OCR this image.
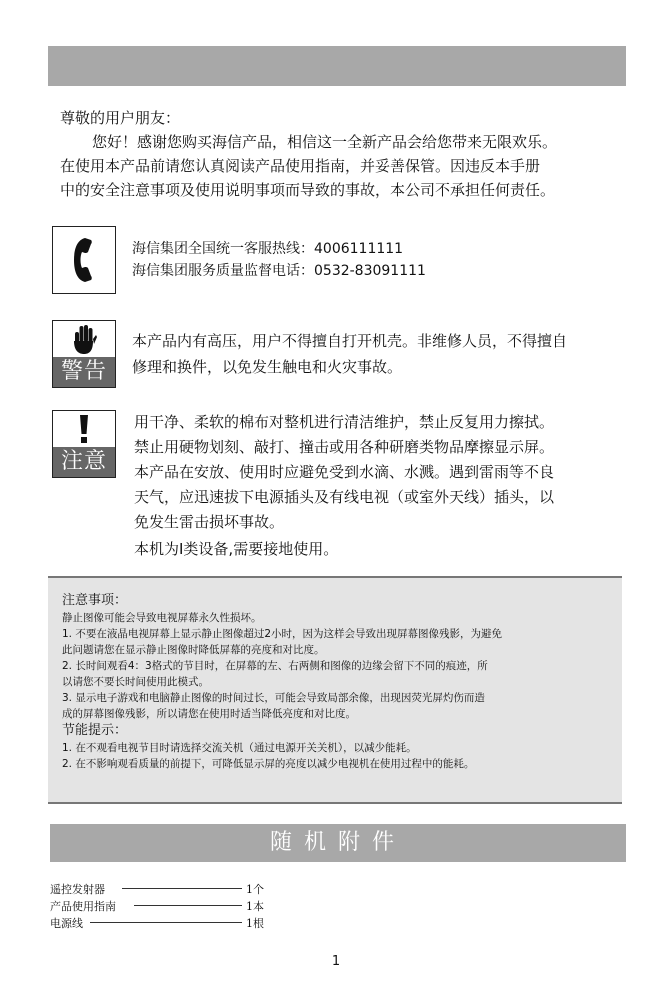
尊敬的用户朋友：
您好！感谢您购买海信产品，相信这一全新产品会给您带来无限欢乐。
在使用本产品前请您认真阅读产品使用指南，并妥善保管。因违反本手册
中的安全注意事项及使用说明事项而导致的事故，本公司不承担任何责任。
海信集团全国统一客服热线：4006111111
海信集团服务质量监督电话：0532-83091111
警告
本产品内有高压，用户不得擅自打开机壳。非维修人员，不得擅自
修理和换件，以免发生触电和火灾事故。
注意
用干净、柔软的棉布对整机进行清洁维护，禁止反复用力擦拭。
禁止用硬物划刻、敲打、撞击或用各种研磨类物品摩擦显示屏。
本产品在安放、使用时应避免受到水滴、水溅。遇到雷雨等不良
天气，应迅速拔下电源插头及有线电视（或室外天线）插头，以
免发生雷击损坏事故。
本机为Ⅰ类设备,需要接地使用。
注意事项：
静止图像可能会导致电视屏幕永久性损坏。
1. 不要在液晶电视屏幕上显示静止图像超过2小时，因为这样会导致出现屏幕图像残影，为避免
此问题请您在显示静止图像时降低屏幕的亮度和对比度。
2. 长时间观看4：3格式的节目时，在屏幕的左、右两侧和图像的边缘会留下不同的痕迹，所
以请您不要长时间使用此模式。
3. 显示电子游戏和电脑静止图像的时间过长，可能会导致局部余像，出现因荧光屏灼伤而造
成的屏幕图像残影，所以请您在使用时适当降低亮度和对比度。
节能提示：
1. 在不观看电视节目时请选择交流关机（通过电源开关关机），以减少能耗。
2. 在不影响观看质量的前提下，可降低显示屏的亮度以减少电视机在使用过程中的能耗。
随机附件
遥控发射器	1个
产品使用指南	1本
电源线	1根
1
